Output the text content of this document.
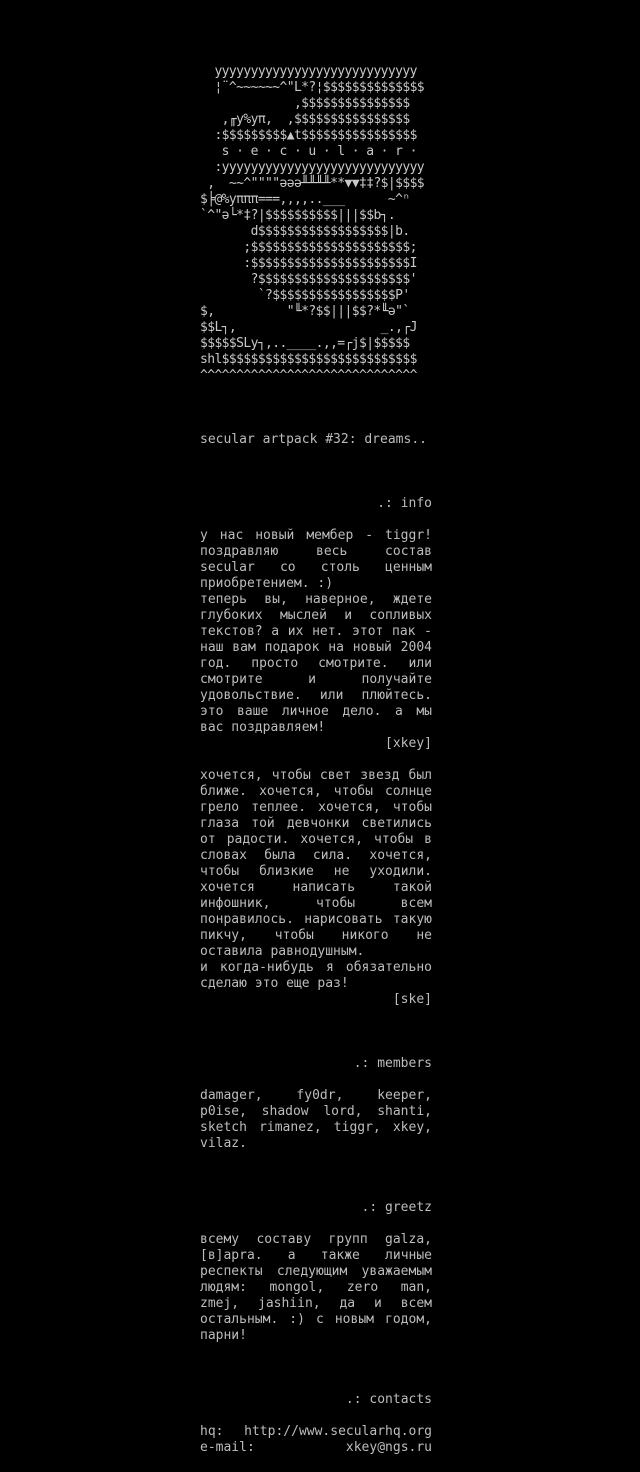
yyyyyyyyyyyyyyyyyyyyyyyyyyyy
¦¨^~~~~~~^"L*?¦$$$$$$$$$$$$$$
,$$$$$$$$$$$$$$$
,╓y%yπ,  ,$$$$$$$$$$$$$$$$
:$$$$$$$$$▲t$$$$$$$$$$$$$$$$
s · e · c · u · l · a · r ·
:yyyyyyyyyyyyyyyyyyyyyyyyyyyy
,  ~~^""""ǝǝǝ╨╨╨╨**▼▼‡‡?$|$$$$
$╞@%yπππ===,,,,..___      ~^ⁿ
`^"ǝ└*‡?|$$$$$$$$$$|||$$b┐.
d$$$$$$$$$$$$$$$$$$|b.
;$$$$$$$$$$$$$$$$$$$$$$;
:$$$$$$$$$$$$$$$$$$$$$$I
?$$$$$$$$$$$$$$$$$$$$$'
`?$$$$$$$$$$$$$$$$$P'
$,          "╙*?$$|||$$?*╙ǝ"`
$$L┐,                    _.,┌J
$$$$$SLy┐,..____.,,=┌j$|$$$$$
shl$$$$$$$$$$$$$$$$$$$$$$$$$$$
^^^^^^^^^^^^^^^^^^^^^^^^^^^^^^
secular artpack #32: dreams..
.: info

у нас новый мембер - tiggr! поздравляю весь состав secular со столь ценным приобретением. :)

теперь вы, наверное, ждете глубоких мыслей и сопливых текстов? а их нет. этот пак - наш вам подарок на новый 2004 год. просто смотрите. или смотрите и получайте удовольствие. или плюйтесь. это ваше личное дело. а мы вас поздравляем!

[xkey]

хочется, чтобы свет звезд был ближе. хочется, чтобы солнце грело теплее. хочется, чтобы глаза той девчонки светились от радости. хочется, чтобы в словах была сила. хочется, чтобы близкие не уходили. хочется написать такой инфошник, чтобы всем понравилось. нарисовать такую пикчу, чтобы никого не оставила равнодушным.

и когда-нибудь я обязательно сделаю это еще раз!

[ske]
.: members

damager, fy0dr, keeper, p0ise, shadow lord, shanti, sketch rimanez, tiggr, xkey, vilaz.

.: greetz

всему составу групп galza, [в]apra. а также личные респекты следующим уважаемым людям: mongol, zero man, zmej, jashiin, да и всем остальным. :) с новым годом, парни!

.: contacts
hq: http://www.secularhq.org
e-mail:	xkey@ngs.ru
